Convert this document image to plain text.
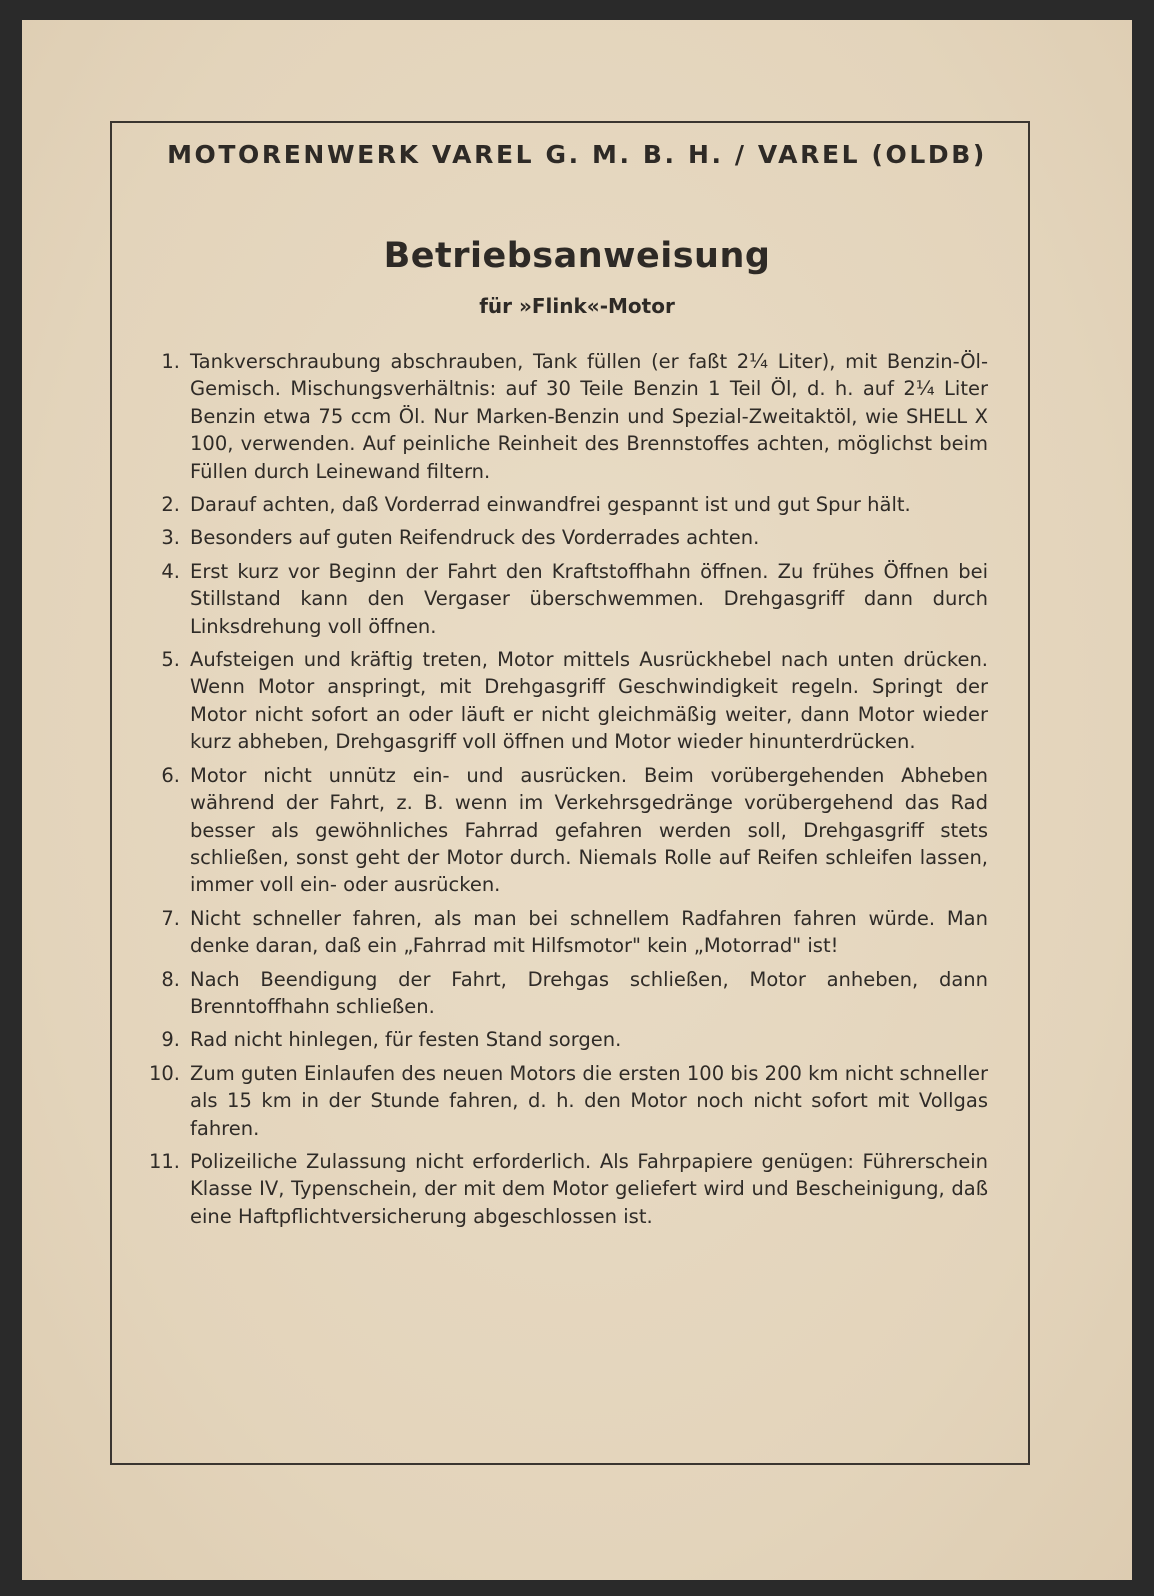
MOTORENWERK VAREL G. M. B. H. / VAREL (OLDB)
Betriebsanweisung
für »Flink«-Motor
1. Tankverschraubung abschrauben, Tank füllen (er faßt 2¼ Liter), mit Benzin-Öl-Gemisch. Mischungsverhältnis: auf 30 Teile Benzin 1 Teil Öl, d. h. auf 2¼ Liter Benzin etwa 75 ccm Öl. Nur Marken-Benzin und Spezial-Zweitaktöl, wie SHELL X 100, verwenden. Auf peinliche Reinheit des Brennstoffes achten, möglichst beim Füllen durch Leinewand filtern.
2. Darauf achten, daß Vorderrad einwandfrei gespannt ist und gut Spur hält.
3. Besonders auf guten Reifendruck des Vorderrades achten.
4. Erst kurz vor Beginn der Fahrt den Kraftstoffhahn öffnen. Zu frühes Öffnen bei Stillstand kann den Vergaser überschwemmen. Drehgasgriff dann durch Linksdrehung voll öffnen.
5. Aufsteigen und kräftig treten, Motor mittels Ausrückhebel nach unten drücken. Wenn Motor anspringt, mit Drehgasgriff Geschwindigkeit regeln. Springt der Motor nicht sofort an oder läuft er nicht gleichmäßig weiter, dann Motor wieder kurz abheben, Drehgasgriff voll öffnen und Motor wieder hinunterdrücken.
6. Motor nicht unnütz ein- und ausrücken. Beim vorübergehenden Abheben während der Fahrt, z. B. wenn im Verkehrsgedränge vorübergehend das Rad besser als gewöhnliches Fahrrad gefahren werden soll, Drehgasgriff stets schließen, sonst geht der Motor durch. Niemals Rolle auf Reifen schleifen lassen, immer voll ein- oder ausrücken.
7. Nicht schneller fahren, als man bei schnellem Radfahren fahren würde. Man denke daran, daß ein „Fahrrad mit Hilfsmotor" kein „Motorrad" ist!
8. Nach Beendigung der Fahrt, Drehgas schließen, Motor anheben, dann Brenntoffhahn schließen.
9. Rad nicht hinlegen, für festen Stand sorgen.
10. Zum guten Einlaufen des neuen Motors die ersten 100 bis 200 km nicht schneller als 15 km in der Stunde fahren, d. h. den Motor noch nicht sofort mit Vollgas fahren.
11. Polizeiliche Zulassung nicht erforderlich. Als Fahrpapiere genügen: Führerschein Klasse IV, Typenschein, der mit dem Motor geliefert wird und Bescheinigung, daß eine Haftpflichtversicherung abgeschlossen ist.
